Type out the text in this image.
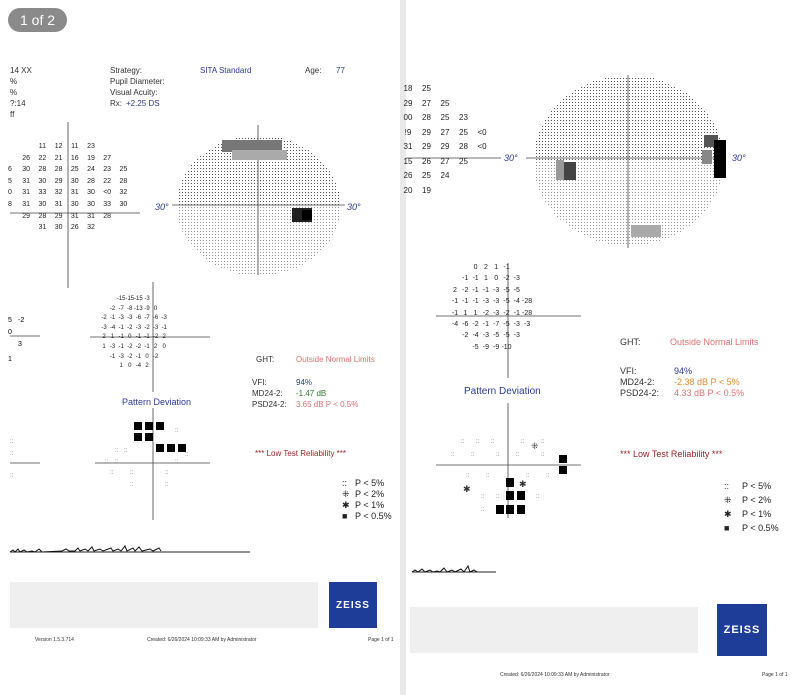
14 XX
%
%
?:14
ff
Strategy:	SITA Standard
Pupil Diameter:
Visual Acuity:
Rx: +2.25 DS
Age: 77
11	12	11	23
26	22	21	16	19	27
6	30	28	28	25	24	23	25
5	31	30	29	30	28	22	28
0	31	33	32	31	30	<0	32
8	31	30	31	30	30	33	30
29	28	29	31	31	28
31	30	26	32
-15 -15 -15 -3
-2 -7 -8 -13 -9 0
-2 -1 -3 -3 -6 -7 -6 -3
-3 -4 -1 -2 -3 -2 -3 -1
2 1 -1 0 -1 -1 -2 2
1 -3 -1 -2 -2 -1 2 0
-1 -3 -2 -1 0 -2
1 0 -4 2
5 -2
0
3
1
30°	30°
GHT:	Outside Normal Limits
VFI:	94%
MD24-2: -1.47 dB
PSD24-2: 3.65 dB P < 0.5%
Pattern Deviation
:: ::
:: ::	::
::	::	::
::	::
::
::
::
::
::
*** Low Test Reliability ***
:: P < 5%
⁜ P < 2%
✱ P < 1%
■ P < 0.5%
ZEISS
Version 1.5.3.714	Created: 6/26/2024 10:09:33 AM by Administrator	Page 1 of 1
18	25
29	27	25
00	28	25	23
!9	29	27	25	<0
31	29	29	28	<0
15	26	27	25
26	25	24
20	19
0 2 1 -1
-1 -1 1 0 -2 -3
2 -2 -1 -1 -3 -5 -5
-1 -1 -1 -3 -3 -5 -4 -28
-1 1 1 -2 -3 -2 -1 -28
-4 -6 -2 -1 -7 -5 -3 -3
-2 -4 -3 -5 -5 -3
-5 -9 -9 -10
30°	30°
GHT:	Outside Normal Limits
VFI:	94%
MD24-2: -2.38 dB P < 5%
PSD24-2: 4.33 dB P < 0.5%
Pattern Deviation
⁜
✱	✱
:: :: ::	::	::
::	::	::	::	::
::	::	::	::
:: ::	::
::
*** Low Test Reliability ***
:: P < 5%
⁜ P < 2%
✱ P < 1%
■ P < 0.5%
ZEISS
Created: 6/26/2024 10:09:33 AM by Administrator	Page 1 of 1
1 of 2
